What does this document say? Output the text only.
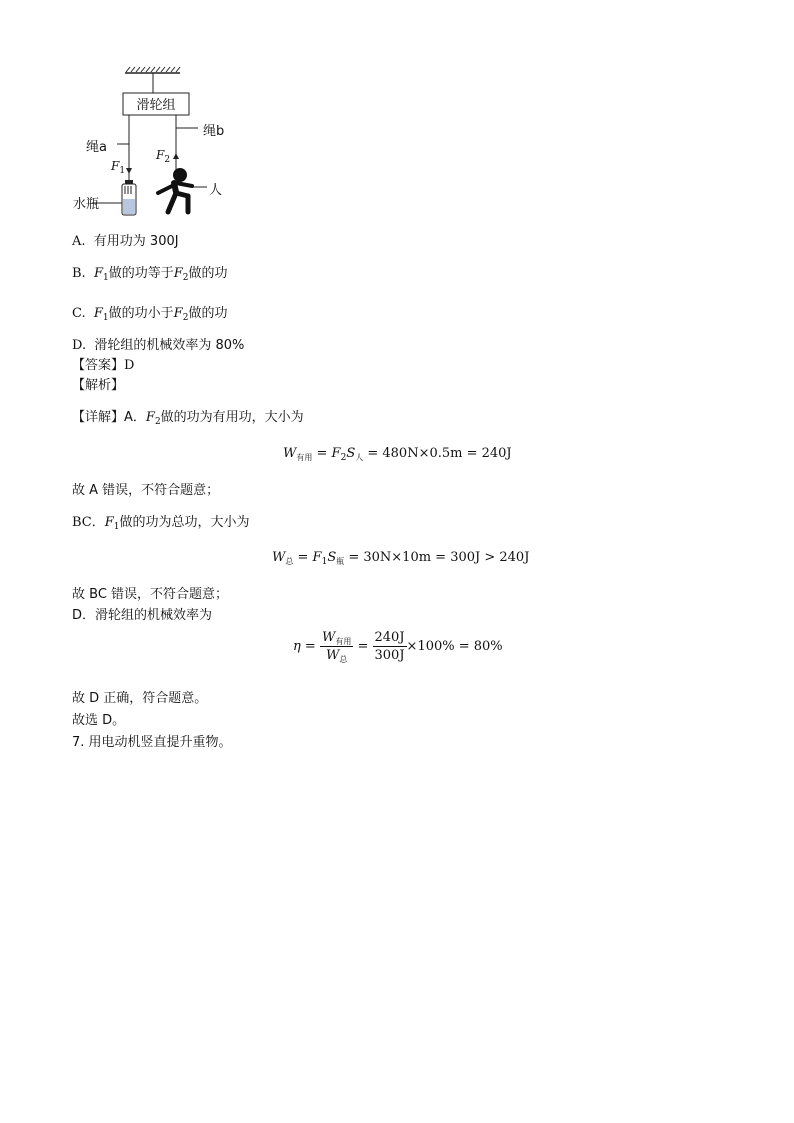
滑轮组
绳a
绳b
$F_1$
$F_2$
水瓶
人
A. 有用功为 300J
B. $F_1$做的功等于$F_2$做的功
C. $F_1$做的功小于$F_2$做的功
D. 滑轮组的机械效率为 80%
【答案】D
【解析】
【详解】A．$F_2$做的功为有用功，大小为
$W_{有用} = F_2S_人 = 480N\times 0.5m = 240J$
故 A 错误，不符合题意；
BC．$F_1$做的功为总功，大小为
$W_总 = F_1S_瓶 = 30N\times 10m = 300J > 240J$
故 BC 错误，不符合题意；
D．滑轮组的机械效率为
$\eta = \frac{W_{有用}}{W_总} = \frac{240J}{300J} \times 100\% = 80\%$
故 D 正确，符合题意。
故选 D。
7. 用电动机竖直提升重物。
